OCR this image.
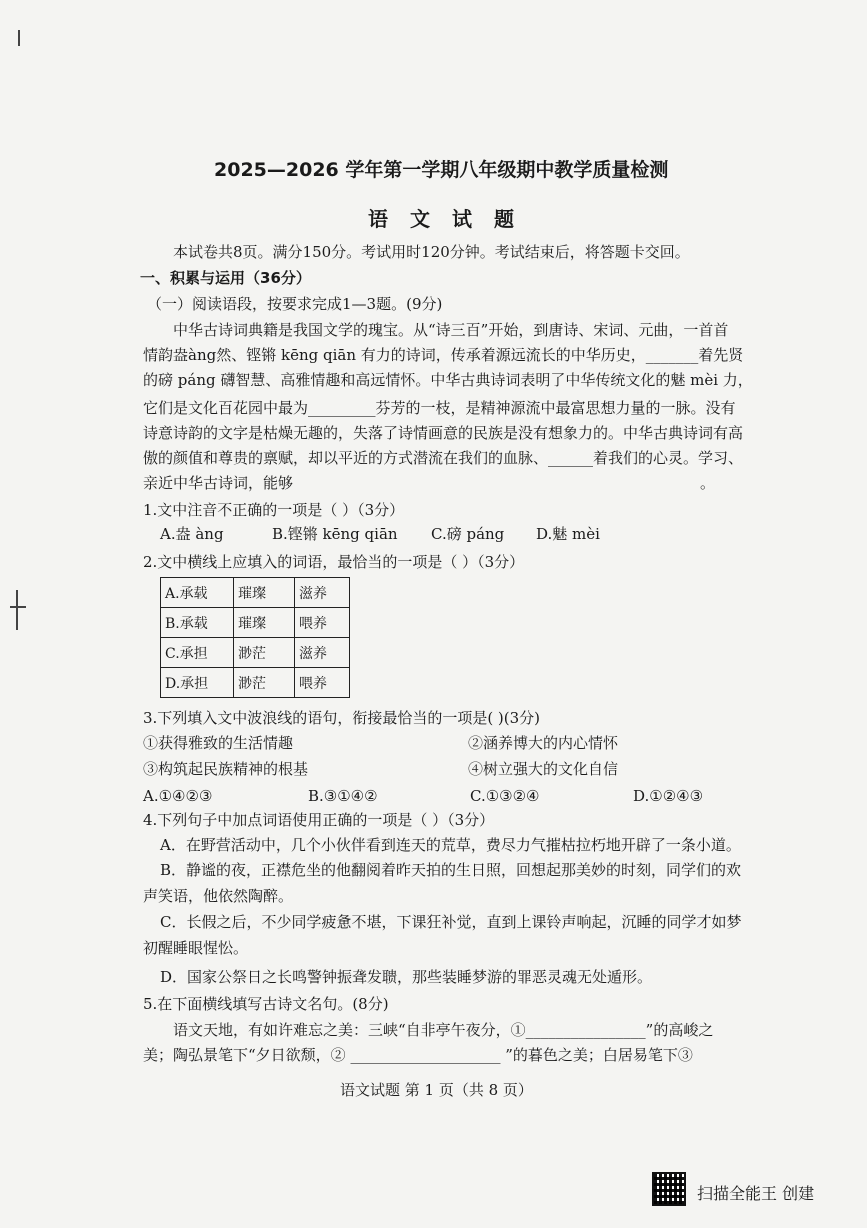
2025—2026 学年第一学期八年级期中教学质量检测
语文试题
本试卷共8页。满分150分。考试用时120分钟。考试结束后，将答题卡交回。
一、积累与运用（36分）
（一）阅读语段，按要求完成1—3题。(9分)
中华古诗词典籍是我国文学的瑰宝。从“诗三百”开始，到唐诗、宋词、元曲，一首首
情韵盎àng然、铿锵 kēng qiān 有力的诗词，传承着源远流长的中华历史，_______着先贤
的磅 páng 礴智慧、高雅情趣和高远情怀。中华古典诗词表明了中华传统文化的魅 mèi 力，
它们是文化百花园中最为_________芬芳的一枝，是精神源流中最富思想力量的一脉。没有
诗意诗韵的文字是枯燥无趣的，失落了诗情画意的民族是没有想象力的。中华古典诗词有高
傲的颜值和尊贵的禀赋，却以平近的方式潜流在我们的血脉、______着我们的心灵。学习、
亲近中华古诗词，能够	。
1.文中注音不正确的一项是（ ）（3分）
A.盎 àng	B.铿锵 kēng qiān C.磅 páng D.魅 mèi
2.文中横线上应填入的词语，最恰当的一项是（ ）（3分）
A.承载	璀璨	滋养
B.承载	璀璨	喂养
C.承担	渺茫	滋养
D.承担	渺茫	喂养
3.下列填入文中波浪线的语句，衔接最恰当的一项是( )(3分)
①获得雅致的生活情趣	②涵养博大的内心情怀
③构筑起民族精神的根基	④树立强大的文化自信
A.①④②③	B.③①④②	C.①③②④	D.①②④③
4.下列句子中加点词语使用正确的一项是（ ）（3分）
A．在野营活动中，几个小伙伴看到连天的荒草，费尽力气摧枯拉朽地开辟了一条小道。
B．静谧的夜，正襟危坐的他翻阅着昨天拍的生日照，回想起那美妙的时刻，同学们的欢
声笑语，他依然陶醉。
C．长假之后，不少同学疲惫不堪，下课狂补觉，直到上课铃声响起，沉睡的同学才如梦
初醒睡眼惺忪。
D．国家公祭日之长鸣警钟振聋发聩，那些装睡梦游的罪恶灵魂无处遁形。
5.在下面横线填写古诗文名句。(8分)
语文天地，有如许难忘之美：三峡“自非亭午夜分，①________________”的高峻之
美；陶弘景笔下“夕日欲颓，② ____________________ ”的暮色之美；白居易笔下③
语文试题 第 1 页（共 8 页）
扫描全能王 创建
